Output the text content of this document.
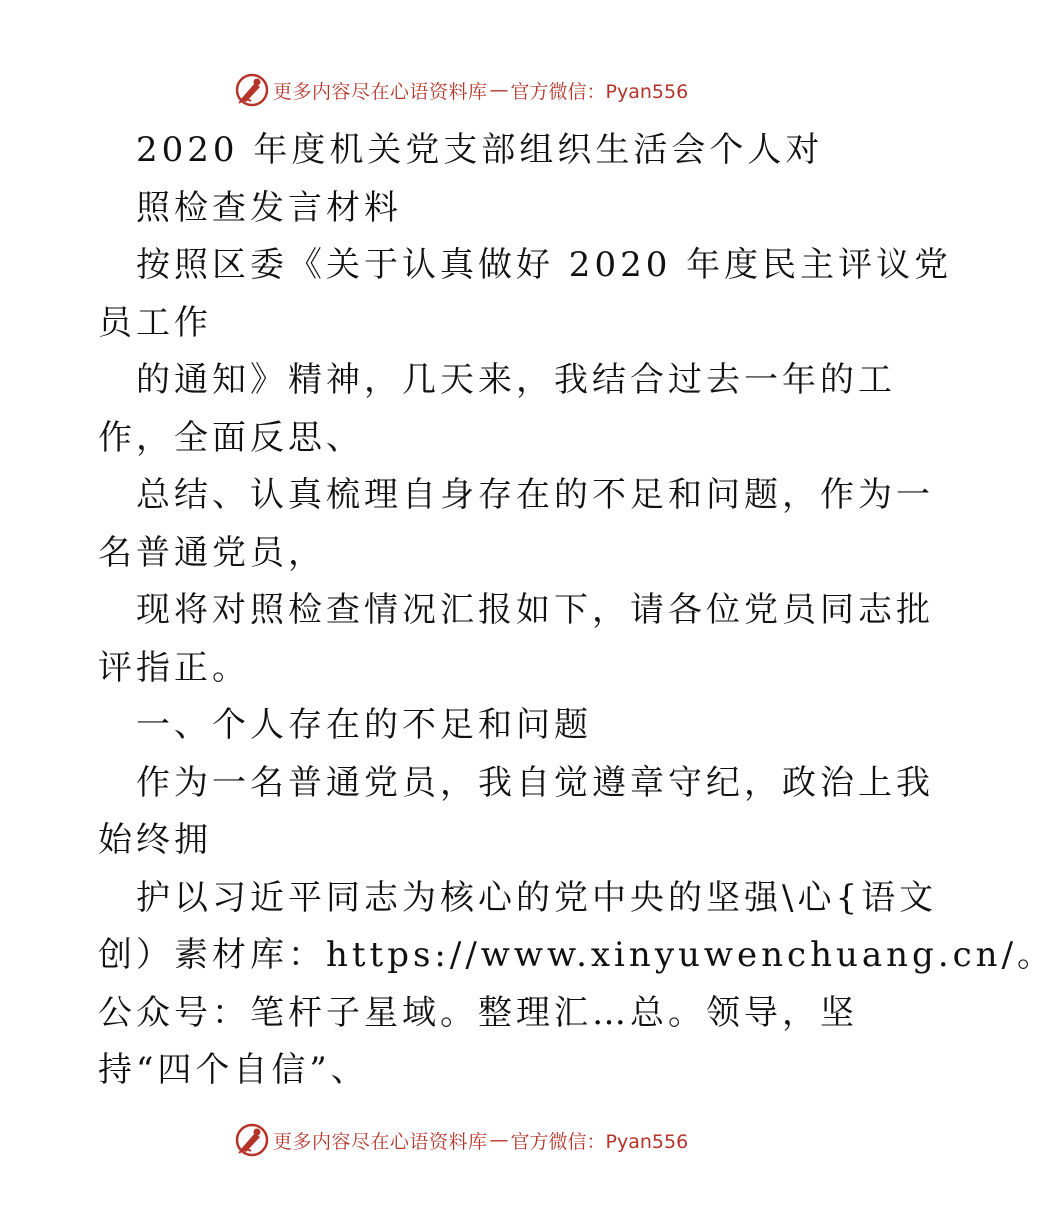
更多内容尽在心语资料库 — 官方微信：Pyan556
2020 年度机关党支部组织生活会个人对
照检查发言材料
按照区委《关于认真做好 2020 年度民主评议党
员工作
的通知》精神，几天来，我结合过去一年的工
作，全面反思、
总结、认真梳理自身存在的不足和问题，作为一
名普通党员，
现将对照检查情况汇报如下，请各位党员同志批
评指正。
一、个人存在的不足和问题
作为一名普通党员，我自觉遵章守纪，政治上我
始终拥
护以习近平同志为核心的党中央的坚强\心{语文
创）素材库：https://www.xinyuwenchuang.cn/。
公众号：笔杆子星域。整理汇…总。领导，坚
持“四个自信”、
更多内容尽在心语资料库 — 官方微信：Pyan556
